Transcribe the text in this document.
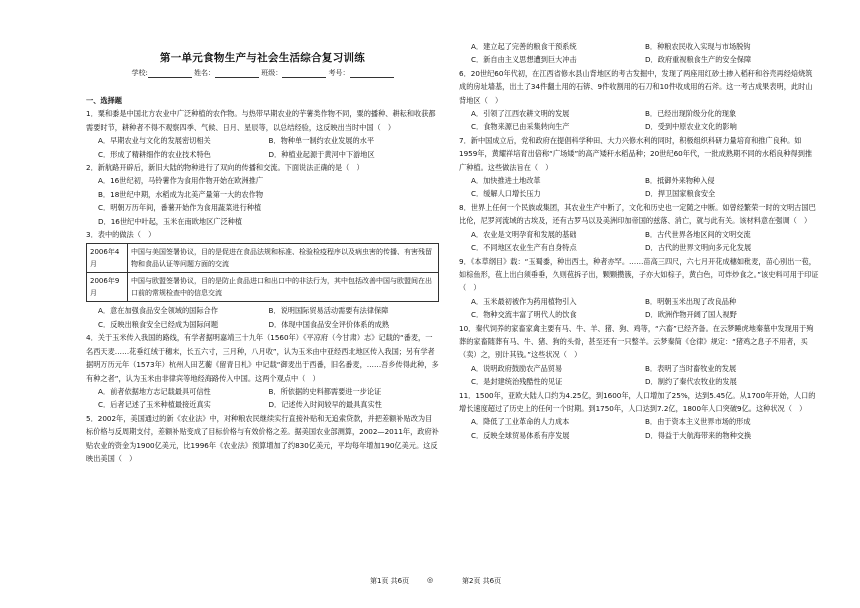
第一单元食物生产与社会生活综合复习训练
学校:	姓名：	班级：	考号：
一、选择题
1．粟和黍是中国北方农业中广泛种植的农作物。与热带早期农业的芋薯类作物不同，粟的播种、耕耘和收获都需要时节，耕种者不得不观察四季、气候、日月、星辰等，以总结经验，这反映出当时中国（　）
A．早期农业与文化的发展密切相关	B．物种单一制约农业发展的水平
C．形成了精耕细作的农业技术特色	D．种植业起源于黄河中下游地区
2．新航路开辟后，新旧大陆的物种进行了双向的传播和交流。下面说法正确的是（　）
A．16世纪初，马铃薯作为食用作物开始在欧洲推广
B．18世纪中期，水稻成为北美产量第一大的农作物
C．明朝万历年间，番薯开始作为食用蔬菜进行种植
D．16世纪中叶起，玉米在南欧地区广泛种植
3．表中的做法（　）
2006年4月	中国与美国签署协议，目的是促进在食品法规和标准、检验检疫程序以及病虫害的传播、有害残留物和食品认证等问题方面的交流
2006年9月	中国与欧盟签署协议，目的是防止食品进口和出口中的非法行为，其中包括改善中国与欧盟间在出口前的常规检查中的信息交流
A．意在加强食品安全领域的国际合作	B．说明国际贸易活动需要有法律保障
C．反映出粮食安全已经成为国际问题	D．体现中国食品安全评价体系的成熟
4．关于玉米传入我国的路线，有学者据明嘉靖三十九年（1560年）《平凉府（今甘肃）志》记载的“番麦，一名西天麦……花垂红绒于穗末，长五六寸，三月种，八月收”，认为玉米由中亚经西北地区传入我国；另有学者据明万历元年（1573年）杭州人田艺蘅《留青日札》中记载“御麦出于西番，旧名番麦，……吾乡传得此种，多有种之者”，认为玉米由非律宾等地经海路传入中国。这两个观点中（　）
A．前者依据地方志记载最具可信性	B．所依据的史料都需要进一步论证
C．后者记述了玉米种植最接近真实	D．记述传入时间较早的最具真实性
5．2002年，美国通过的新《农业法》中，对种粮农民继续实行直接补贴和无追索贷款，并把差额补贴改为目标价格与反周期支付，差额补贴变成了目标价格与有效价格之差。据美国农业部测算，2002—2011年，政府补贴农业的资金为1900亿美元，比1996年《农业法》预算增加了约830亿美元，平均每年增加190亿美元。这反映出美国（　）
A．建立起了完善的粮食干预系统	B．种粮农民收入实现与市场脱钩
C．新自由主义思想遭到巨大冲击	D．政府重视粮食生产的安全保障
6．20世纪60年代初，在江西省修水县山背地区的考古发掘中，发现了两座用红砂土掺入稻秆和谷壳再经焙烧筑成的房址墙基，出土了34件翻土用的石锛、9件收割用的石刀和10件收成用的石斧。这一考古成果表明，此时山背地区（　）
A．引领了江西农耕文明的发展	B．已经出现阶级分化的现象
C．食物来源已由采集转向生产	D．受到中原农业文化的影响
7．新中国成立后，党和政府在提倡科学种田、大力兴修水利的同时，积极组织科研力量培育和推广良种。如1959年，黄耀祥培育出倍称“广场矮”的高产矮秆水稻品种；20世纪60年代，一批成熟期不同的水稻良种得到推广种植。这些做法旨在（　）
A．加快推进土地改革	B．抵御外来物种入侵
C．缓解人口增长压力	D．捍卫国家粮食安全
8．世界上任何一个民族或集团，其农业生产中断了，文化和历史也一定随之中断。如曾经繁荣一时的文明古国巴比伦，尼罗河流域的古埃及，还有古罗马以及美洲印加帝国的兹落、消亡，就与此有关。该材料意在强调（　）
A．农业是文明孕育和发展的基础	B．古代世界各地区间的文明交流
C．不同地区农业生产有自身特点	D．古代的世界文明向多元化发展
9．《本草纲目》载：“玉蜀黍，种出西土，种者亦罕。……苗高三四尺，六七月开花成穗如秕麦，苗心别出一苞，如棕鱼形，苞上出白须垂垂，久则苞拆子出，颗颗攒簇，子亦大如棕子，黄白色，可炸炒食之。”该史料可用于印证（　）
A．玉米最初被作为药用植物引入	B．明朝玉米出现了改良品种
C．物种交流丰富了明代人的饮食	D．欧洲作物开阔了国人视野
10．秦代饲养的家畜家禽主要有马、牛、羊、猪、狗、鸡等，“六畜”已经齐备。在云梦睡虎地秦墓中发现用于殉葬的家畜随葬有马、牛、猪、狗的头骨，甚至还有一只整羊。云梦秦简《仓律》规定：“猪鸡之息子不用者，买（卖）之，别计其钱。”这些状况（　）
A．说明政府鼓励农产品贸易	B．表明了当时畜牧业的发展
C．是封建统治残酷性的见证	D．制约了秦代农牧业的发展
11．1500年，亚欧大陆人口约为4.25亿，到1600年，人口增加了25%，达到5.45亿。从1700年开始，人口的增长速度超过了历史上的任何一个时期。到1750年，人口达到7.2亿，1800年人口突破9亿。这种状况（　）
A．降低了工业革命的人力成本	B．由于资本主义世界市场的形成
C．反映全球贸易体系有序发展	D．得益于大航海带来的物种交换
第1页 共6页	◎	第2页 共6页
